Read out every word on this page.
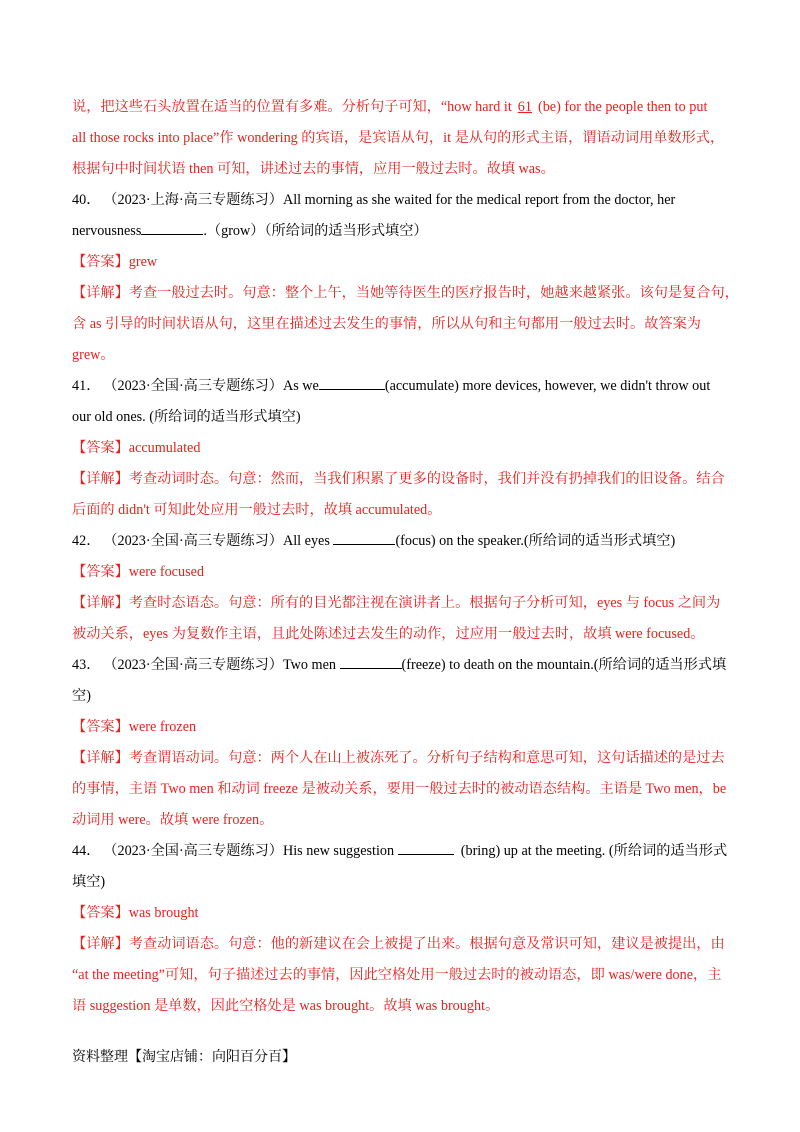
说，把这些石头放置在适当的位置有多难。分析句子可知，“how hard it 61 (be) for the people then to put
all those rocks into place”作 wondering 的宾语，是宾语从句，it 是从句的形式主语，谓语动词用单数形式，
根据句中时间状语 then 可知，讲述过去的事情，应用一般过去时。故填 was。
40． （2023·上海·高三专题练习）All morning as she waited for the medical report from the doctor, her
nervousness	.（grow）（所给词的适当形式填空）
【答案】grew
【详解】考查一般过去时。句意：整个上午，当她等待医生的医疗报告时，她越来越紧张。该句是复合句，
含 as 引导的时间状语从句，这里在描述过去发生的事情，所以从句和主句都用一般过去时。故答案为
grew。
41． （2023·全国·高三专题练习）As we	(accumulate) more devices, however, we didn't throw out
our old ones. (所给词的适当形式填空)
【答案】accumulated
【详解】考查动词时态。句意：然而，当我们积累了更多的设备时，我们并没有扔掉我们的旧设备。结合
后面的 didn't 可知此处应用一般过去时，故填 accumulated。
42． （2023·全国·高三专题练习）All eyes	(focus) on the speaker.(所给词的适当形式填空)
【答案】were focused
【详解】考查时态语态。句意：所有的目光都注视在演讲者上。根据句子分析可知，eyes 与 focus 之间为
被动关系，eyes 为复数作主语，且此处陈述过去发生的动作，过应用一般过去时，故填 were focused。
43． （2023·全国·高三专题练习）Two men	(freeze) to death on the mountain.(所给词的适当形式填
空)
【答案】were frozen
【详解】考查谓语动词。句意：两个人在山上被冻死了。分析句子结构和意思可知，这句话描述的是过去
的事情，主语 Two men 和动词 freeze 是被动关系，要用一般过去时的被动语态结构。主语是 Two men，be
动词用 were。故填 were frozen。
44． （2023·全国·高三专题练习）His new suggestion	(bring) up at the meeting. (所给词的适当形式
填空)
【答案】was brought
【详解】考查动词语态。句意：他的新建议在会上被提了出来。根据句意及常识可知，建议是被提出，由
“at the meeting”可知，句子描述过去的事情，因此空格处用一般过去时的被动语态，即 was/were done，主
语 suggestion 是单数，因此空格处是 was brought。故填 was brought。
资料整理【淘宝店铺：向阳百分百】
